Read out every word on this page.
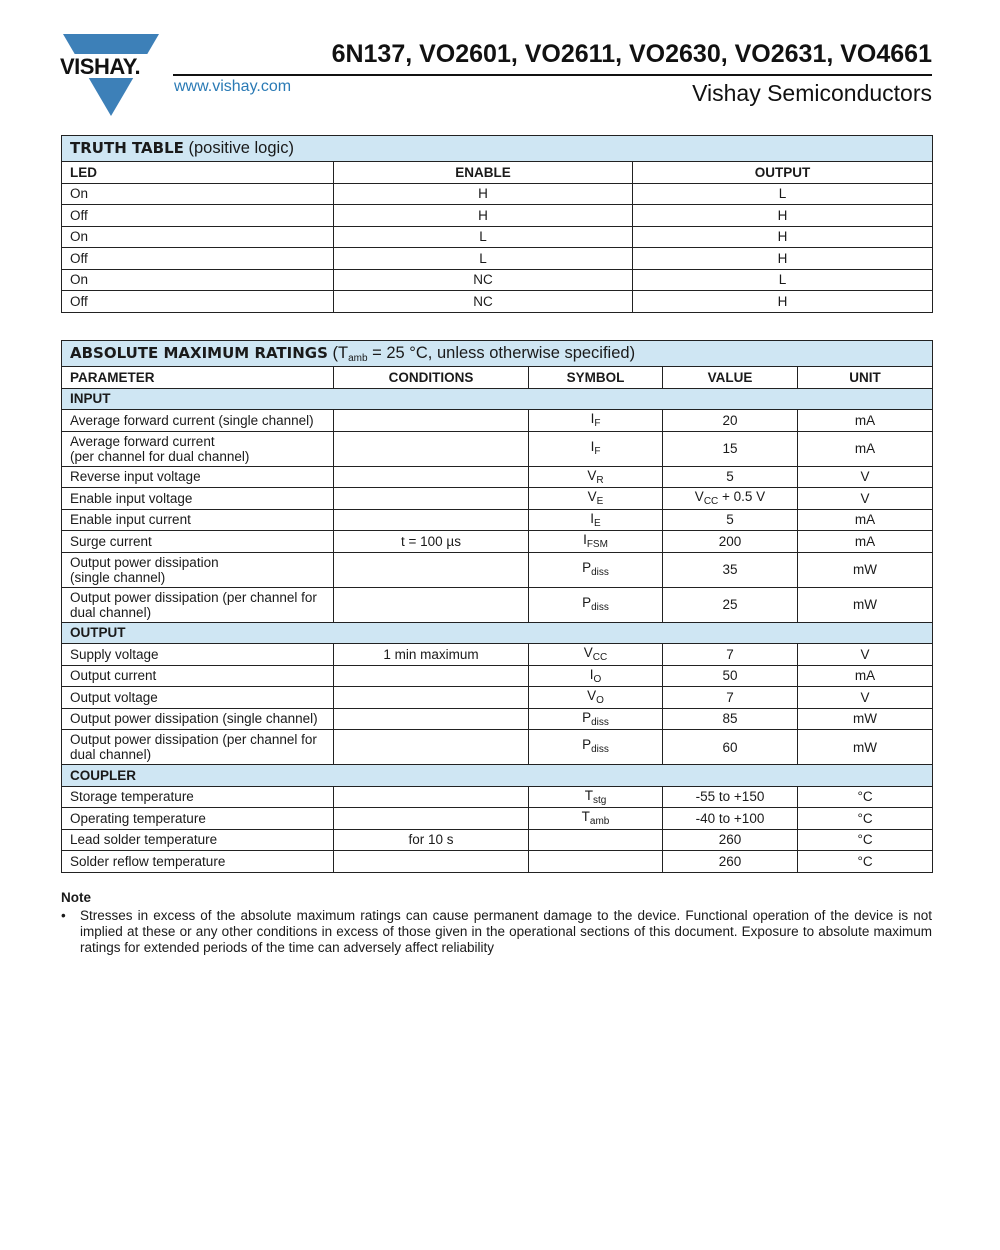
VISHAY.	6N137, VO2601, VO2611, VO2630, VO2631, VO4661
www.vishay.com	Vishay Semiconductors
TRUTH TABLE (positive logic)		
LED	ENABLE	OUTPUT
On	H	L
Off	H	H
On	L	H
Off	L	H
On	NC	L
Off	NC	H
ABSOLUTE MAXIMUM RATINGS ($T_{amb} = 25$ °C, unless otherwise specified)				
PARAMETER	CONDITIONS	SYMBOL	VALUE	UNIT
INPUT				
Average forward current (single channel)		$I_F$	20	mA
Average forward current
(per channel for dual channel)		$I_F$	15	mA
Reverse input voltage		$V_R$	5	V
Enable input voltage		$V_E$	$V_{CC} + 0.5$ V	V
Enable input current		$I_E$	5	mA
Surge current	t = 100 µs	$I_{FSM}$	200	mA
Output power dissipation
(single channel)		$P_{diss}$	35	mW
Output power dissipation (per channel for
dual channel)		$P_{diss}$	25	mW
OUTPUT				
Supply voltage	1 min maximum	$V_{CC}$	7	V
Output current		$I_O$	50	mA
Output voltage		$V_O$	7	V
Output power dissipation (single channel)		$P_{diss}$	85	mW
Output power dissipation (per channel for
dual channel)		$P_{diss}$	60	mW
COUPLER				
Storage temperature		$T_{stg}$	-55 to +150	°C
Operating temperature		$T_{amb}$	-40 to +100	°C
Lead solder temperature	for 10 s		260	°C
Solder reflow temperature			260	°C
Note
• Stresses in excess of the absolute maximum ratings can cause permanent damage to the device. Functional operation of the device is not implied at these or any other conditions in excess of those given in the operational sections of this document. Exposure to absolute maximum ratings for extended periods of the time can adversely affect reliability
